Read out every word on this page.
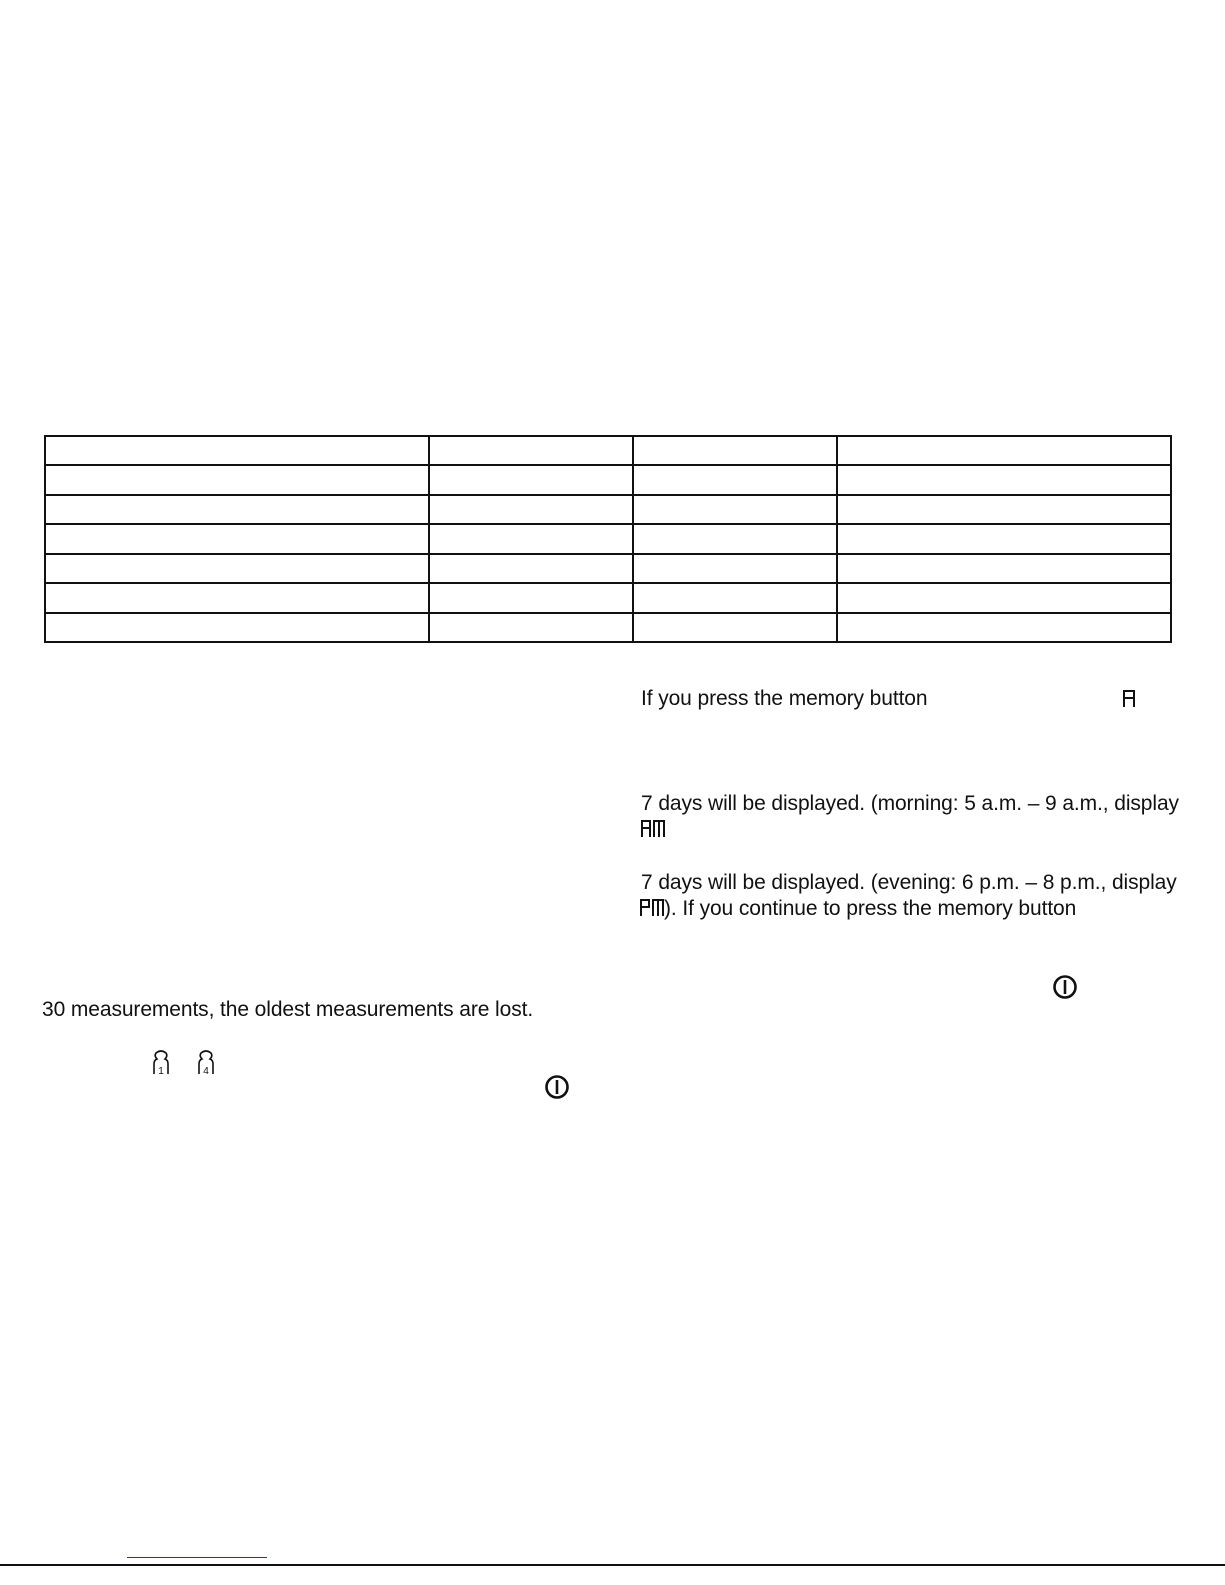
If you press the memory button
7 days will be displayed. (morning: 5 a.m. – 9 a.m., display
7 days will be displayed. (evening: 6 p.m. – 8 p.m., display
). If you continue to press the memory button
30 measurements, the oldest measurements are lost.
1	4
